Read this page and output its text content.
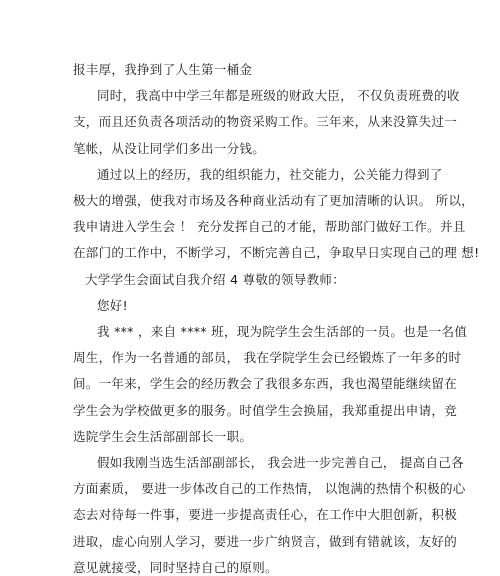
报丰厚，我挣到了人生第一桶金
同时，我高中中学三年都是班级的财政大臣， 不仅负责班费的收
支，而且还负责各项活动的物资采购工作。三年来，从来没算失过一
笔帐，从没让同学们多出一分钱。
通过以上的经历，我的组织能力，社交能力，公关能力得到了
极大的增强，使我对市场及各种商业活动有了更加清晰的认识。 所以，
我申请进入学生会 ！ 充分发挥自己的才能，帮助部门做好工作。并且
在部门的工作中，不断学习，不断完善自己，争取早日实现自己的理 想!
大学学生会面试自我介绍 4 尊敬的领导教师：
您好!
我 *** ，来自 **** 班，现为院学生会生活部的一员。也是一名值
周生，作为一名普通的部员， 我在学院学生会已经锻炼了一年多的时
间。一年来，学生会的经历教会了我很多东西，我也渴望能继续留在
学生会为学校做更多的服务。时值学生会换届，我郑重提出申请，竞
选院学生会生活部副部长一职。
假如我刚当选生活部副部长， 我会进一步完善自己， 提高自己各
方面素质， 要进一步体改自己的工作热情， 以饱满的热情个积极的心
态去对待每一件事，要进一步提高责任心，在工作中大胆创新，积极
进取，虚心向别人学习，要进一步广纳贤言，做到有错就该，友好的
意见就接受，同时坚持自己的原则。
